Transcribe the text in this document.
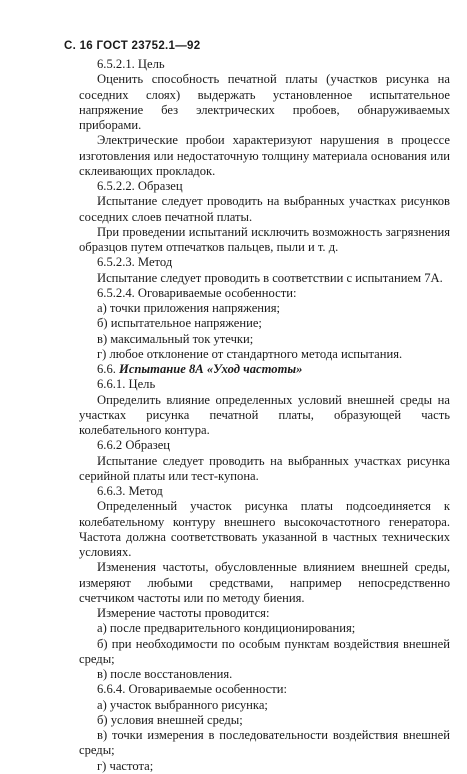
С. 16 ГОСТ 23752.1—92
6.5.2.1. Цель
Оценить способность печатной платы (участков рисунка на соседних слоях) выдержать установленное испытательное напряжение без электрических пробоев, обнаруживаемых приборами.
Электрические пробои характеризуют нарушения в процессе изготовления или недостаточную толщину материала основания или склеивающих прокладок.
6.5.2.2. Образец
Испытание следует проводить на выбранных участках рисунков соседних слоев печатной платы.
При проведении испытаний исключить возможность загрязнения образцов путем отпечатков пальцев, пыли и т. д.
6.5.2.3. Метод
Испытание следует проводить в соответствии с испытанием 7А.
6.5.2.4. Оговариваемые особенности:
а) точки приложения напряжения;
б) испытательное напряжение;
в) максимальный ток утечки;
г) любое отклонение от стандартного метода испытания.
6.6. Испытание 8А «Уход частоты»
6.6.1. Цель
Определить влияние определенных условий внешней среды на участках рисунка печатной платы, образующей часть колебательного контура.
6.6.2 Образец
Испытание следует проводить на выбранных участках рисунка серийной платы или тест-купона.
6.6.3. Метод
Определенный участок рисунка платы подсоединяется к колебательному контуру внешнего высокочастотного генератора. Частота должна соответствовать указанной в частных технических условиях.
Изменения частоты, обусловленные влиянием внешней среды, измеряют любыми средствами, например непосредственно счетчиком частоты или по методу биения.
Измерение частоты проводится:
а) после предварительного кондиционирования;
б) при необходимости по особым пунктам воздействия внешней среды;
в) после восстановления.
6.6.4. Оговариваемые особенности:
а) участок выбранного рисунка;
б) условия внешней среды;
в) точки измерения в последовательности воздействия внешней среды;
г) частота;
